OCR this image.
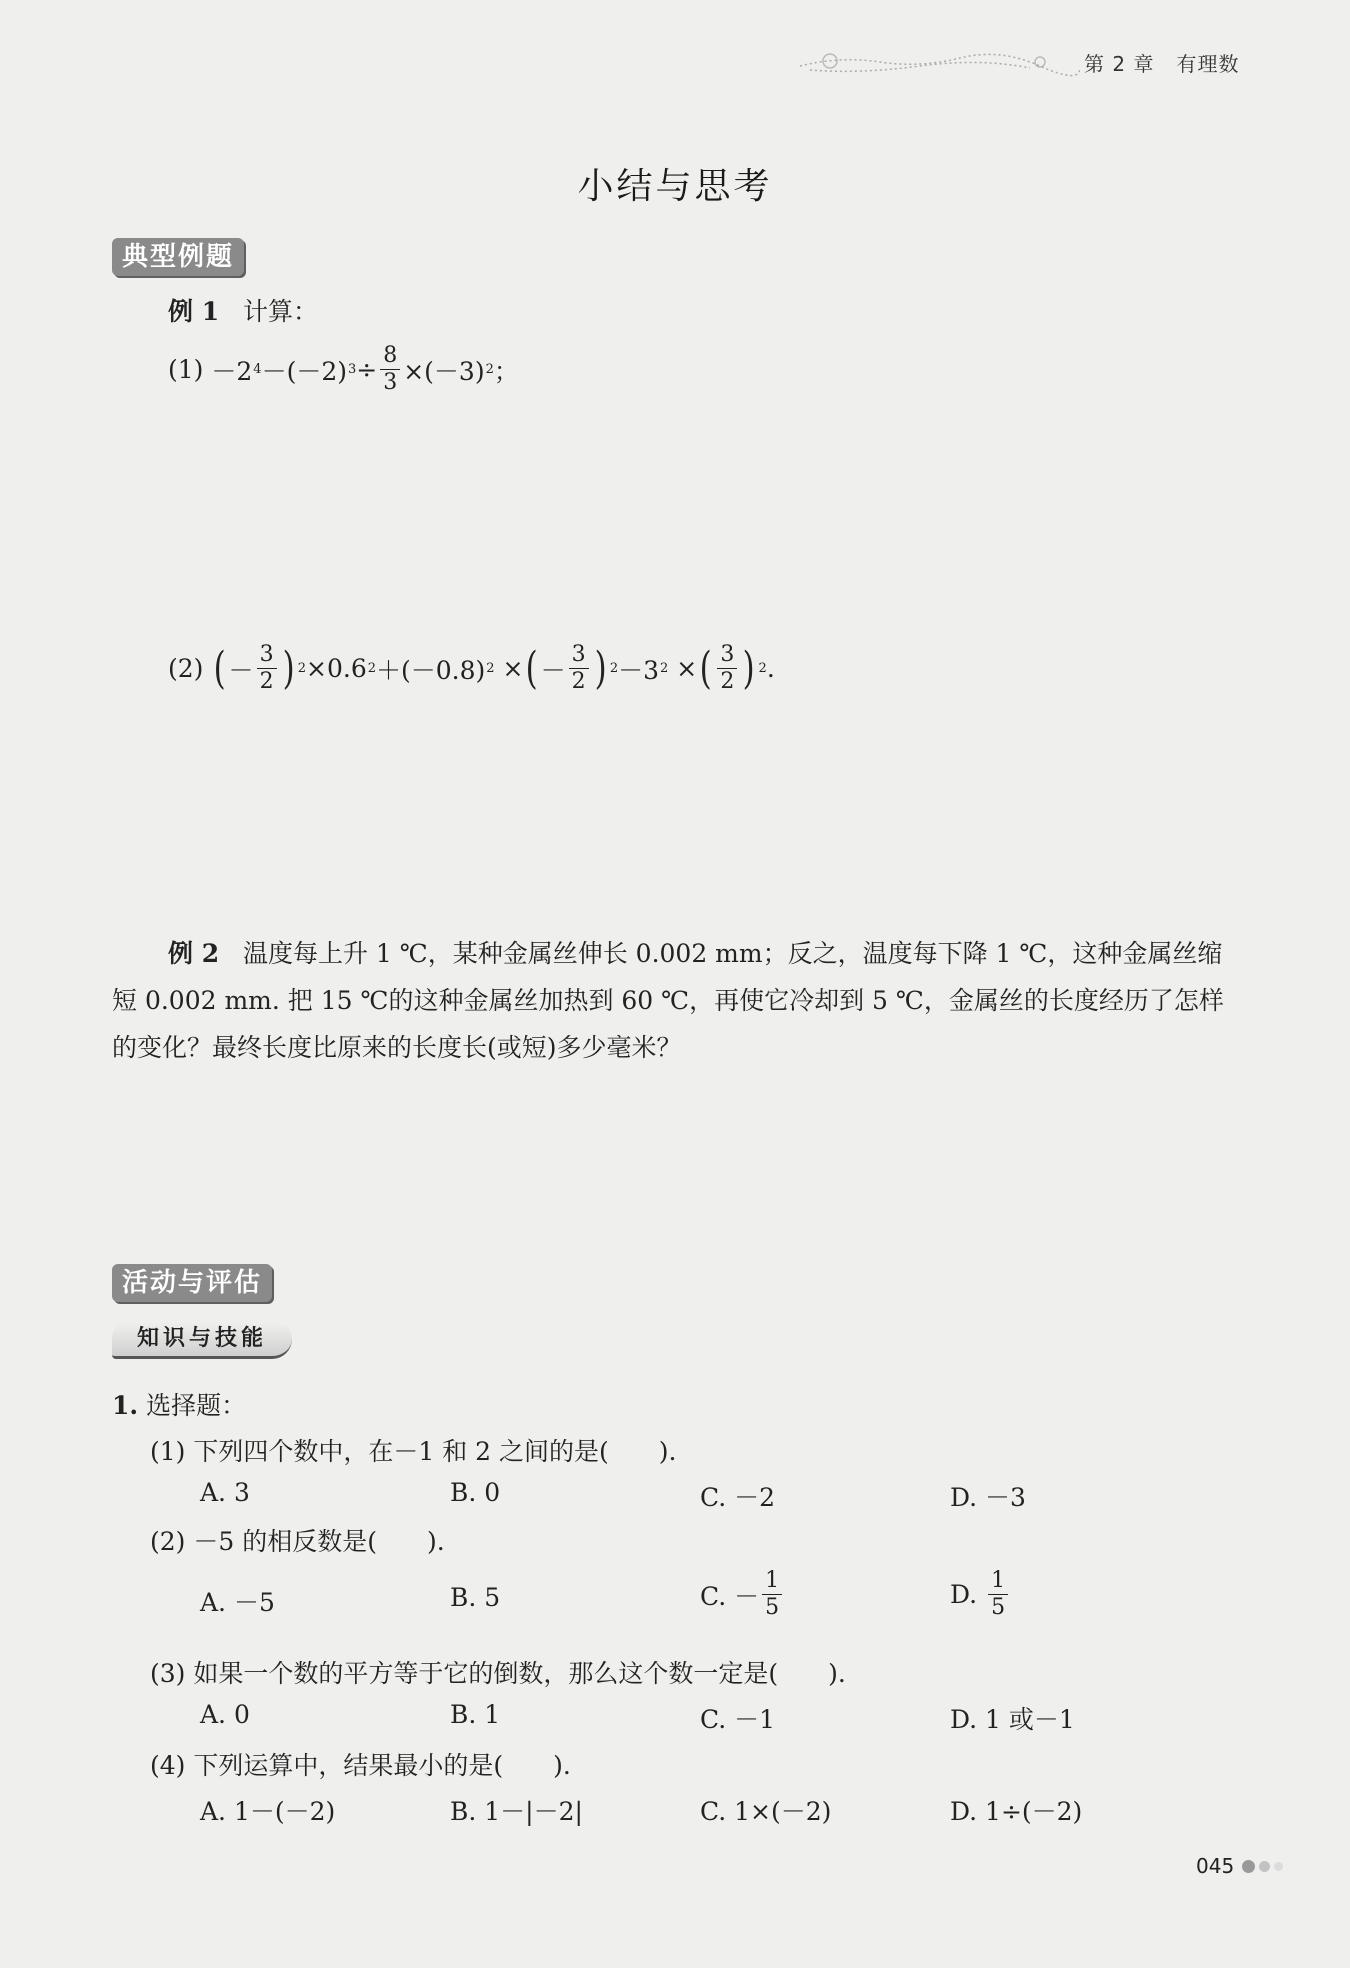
第 2 章 有理数
小结与思考
典型例题
例 1 计算：
(1)
－2 4 －(－2) $3 \div \frac{8}{3} \times(-3)$ 2 ；
(2)
( － $\frac{3}{2}$ ) 2 ×0.6 2 ＋(－0.8) 2 × ( － $\frac{3}{2}$ ) 2 －3 2 × ( $\frac{3}{2}$ ) 2 .
例 2 温度每上升 1 ℃，某种金属丝伸长 0.002 mm；反之，温度每下降 1 ℃，这种金属丝缩短 0.002 mm. 把 15 ℃的这种金属丝加热到 60 ℃，再使它冷却到 5 ℃，金属丝的长度经历了怎样的变化？最终长度比原来的长度长(或短)多少毫米？
活动与评估
知识与技能
1. 选择题：
(1) 下列四个数中，在－1 和 2 之间的是(　　).
A. 3	B. 0	C. －2	D. －3
(2) －5 的相反数是(　　).
A. －5	B. 5	C. － $\frac{1}{5}$	D.
$\frac{1}{5}$
(3) 如果一个数的平方等于它的倒数，那么这个数一定是(　　).
A. 0	B. 1	C. －1	D. 1 或－1
(4) 下列运算中，结果最小的是(　　).
A. 1－(－2)	B. 1－|－2|	C. 1×(－2)	D. 1÷(－2)
045
